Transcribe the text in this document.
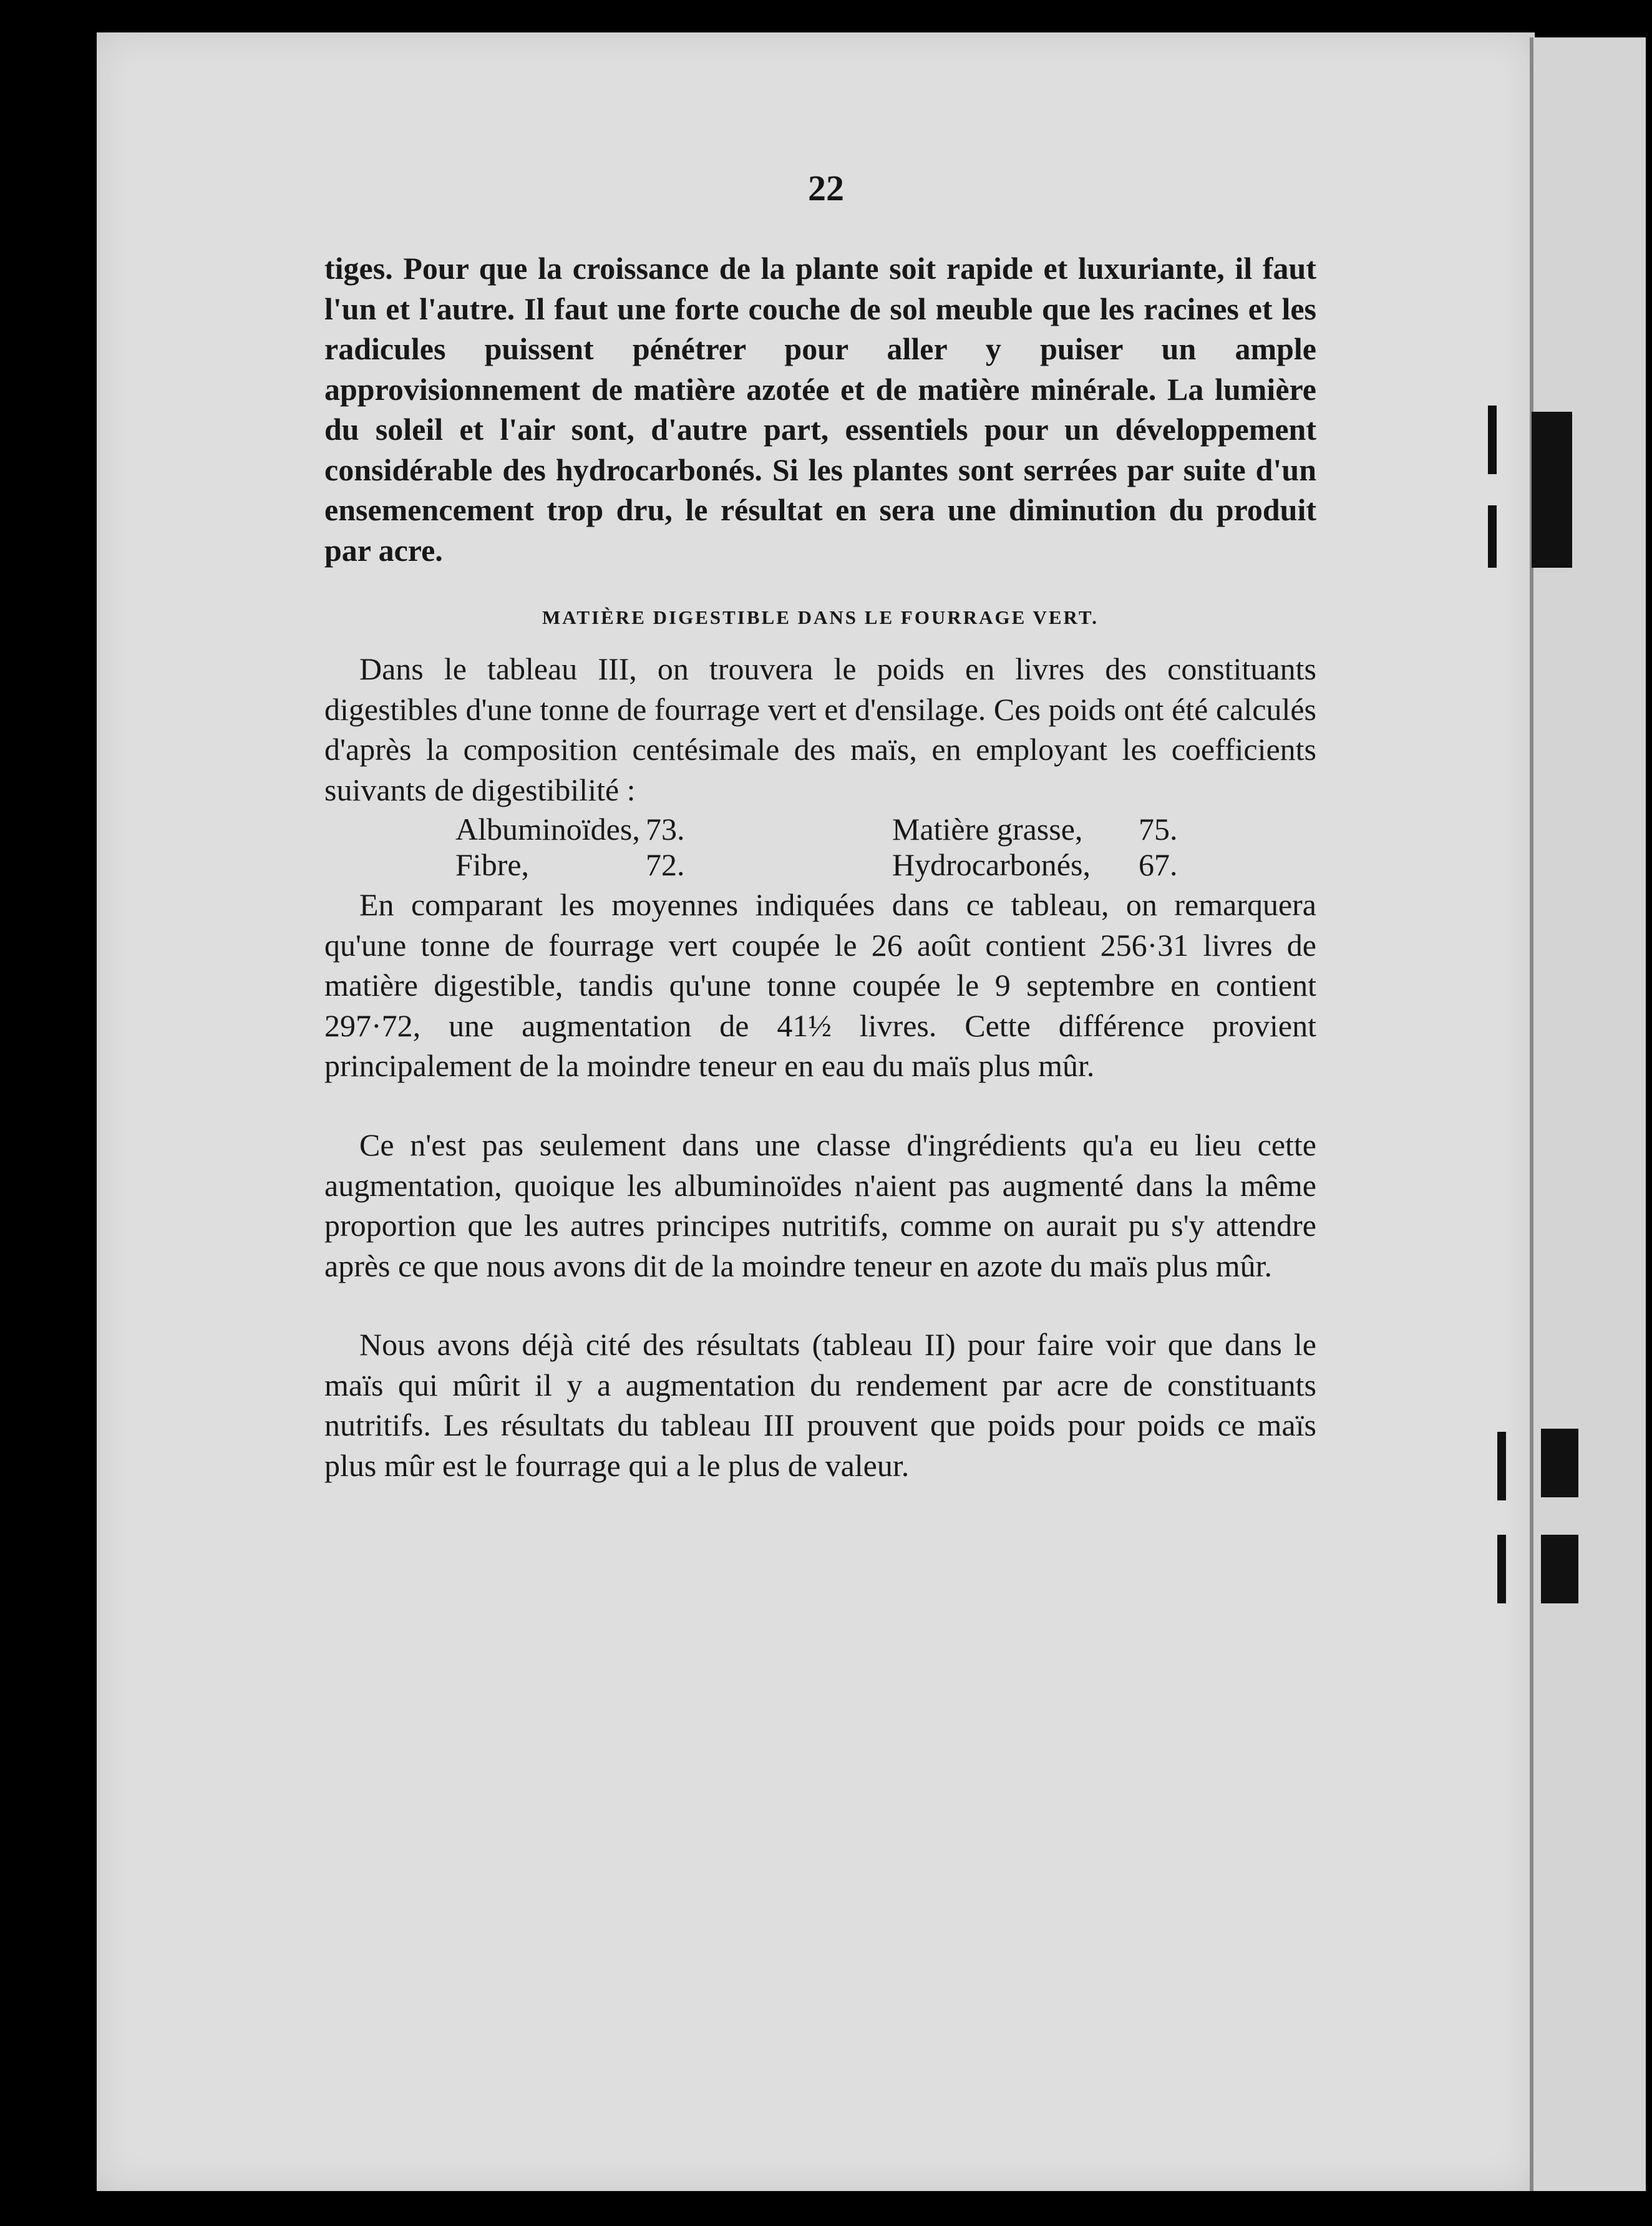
22

tiges. Pour que la croissance de la plante soit rapide et luxuriante, il faut l'un et l'autre. Il faut une forte couche de sol meuble que les racines et les radicules puissent pénétrer pour aller y puiser un ample approvisionnement de matière azotée et de matière minérale. La lumière du soleil et l'air sont, d'autre part, essentiels pour un développement considérable des hydrocarbonés. Si les plantes sont serrées par suite d'un ensemencement trop dru, le résultat en sera une diminution du produit par acre.

MATIÈRE DIGESTIBLE DANS LE FOURRAGE VERT.

Dans le tableau III, on trouvera le poids en livres des constituants digestibles d'une tonne de fourrage vert et d'ensilage. Ces poids ont été calculés d'après la composition centésimale des maïs, en employant les coefficients suivants de digestibilité :

Albuminoïdes, 73.	Matière grasse, 75.
Fibre,	72.	Hydrocarbonés, 67.

En comparant les moyennes indiquées dans ce tableau, on remarquera qu'une tonne de fourrage vert coupée le 26 août contient 256·31 livres de matière digestible, tandis qu'une tonne coupée le 9 septembre en contient 297·72, une augmentation de 41½ livres. Cette différence provient principalement de la moindre teneur en eau du maïs plus mûr.

Ce n'est pas seulement dans une classe d'ingrédients qu'a eu lieu cette augmentation, quoique les albuminoïdes n'aient pas augmenté dans la même proportion que les autres principes nutritifs, comme on aurait pu s'y attendre après ce que nous avons dit de la moindre teneur en azote du maïs plus mûr.

Nous avons déjà cité des résultats (tableau II) pour faire voir que dans le maïs qui mûrit il y a augmentation du rendement par acre de constituants nutritifs. Les résultats du tableau III prouvent que poids pour poids ce maïs plus mûr est le fourrage qui a le plus de valeur.
